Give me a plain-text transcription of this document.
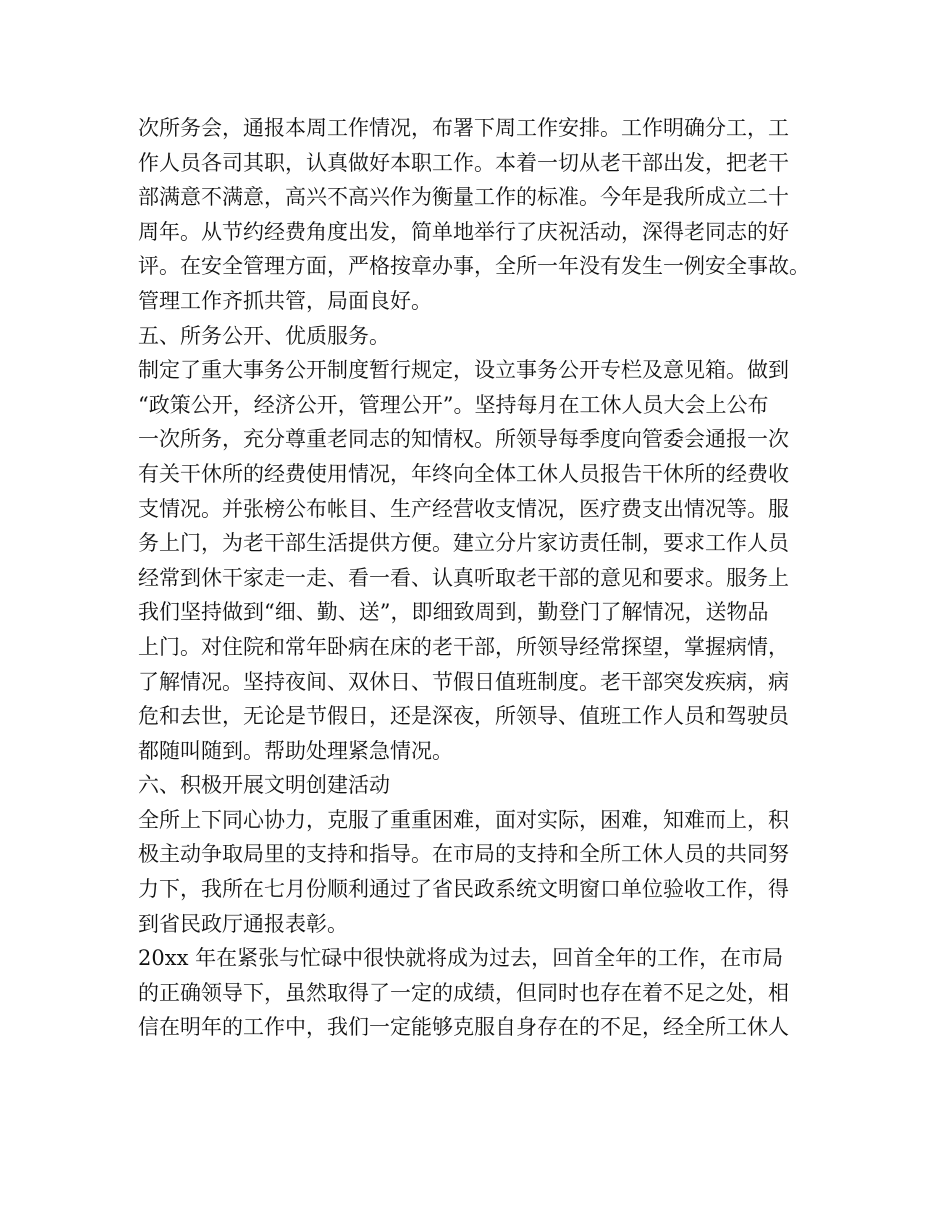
次所务会，通报本周工作情况，布署下周工作安排。工作明确分工，工
作人员各司其职，认真做好本职工作。本着一切从老干部出发，把老干
部满意不满意，高兴不高兴作为衡量工作的标准。今年是我所成立二十
周年。从节约经费角度出发，简单地举行了庆祝活动，深得老同志的好
评。在安全管理方面，严格按章办事，全所一年没有发生一例安全事故。
管理工作齐抓共管，局面良好。
五、所务公开、优质服务。
制定了重大事务公开制度暂行规定，设立事务公开专栏及意见箱。做到
“政策公开，经济公开，管理公开”。坚持每月在工休人员大会上公布
一次所务，充分尊重老同志的知情权。所领导每季度向管委会通报一次
有关干休所的经费使用情况，年终向全体工休人员报告干休所的经费收
支情况。并张榜公布帐目、生产经营收支情况，医疗费支出情况等。服
务上门，为老干部生活提供方便。建立分片家访责任制，要求工作人员
经常到休干家走一走、看一看、认真听取老干部的意见和要求。服务上
我们坚持做到“细、勤、送”，即细致周到，勤登门了解情况，送物品
上门。对住院和常年卧病在床的老干部，所领导经常探望，掌握病情，
了解情况。坚持夜间、双休日、节假日值班制度。老干部突发疾病，病
危和去世，无论是节假日，还是深夜，所领导、值班工作人员和驾驶员
都随叫随到。帮助处理紧急情况。
六、积极开展文明创建活动
全所上下同心协力，克服了重重困难，面对实际，困难，知难而上，积
极主动争取局里的支持和指导。在市局的支持和全所工休人员的共同努
力下，我所在七月份顺利通过了省民政系统文明窗口单位验收工作，得
到省民政厅通报表彰。
20xx 年在紧张与忙碌中很快就将成为过去，回首全年的工作，在市局
的正确领导下，虽然取得了一定的成绩，但同时也存在着不足之处，相
信在明年的工作中，我们一定能够克服自身存在的不足，经全所工休人
